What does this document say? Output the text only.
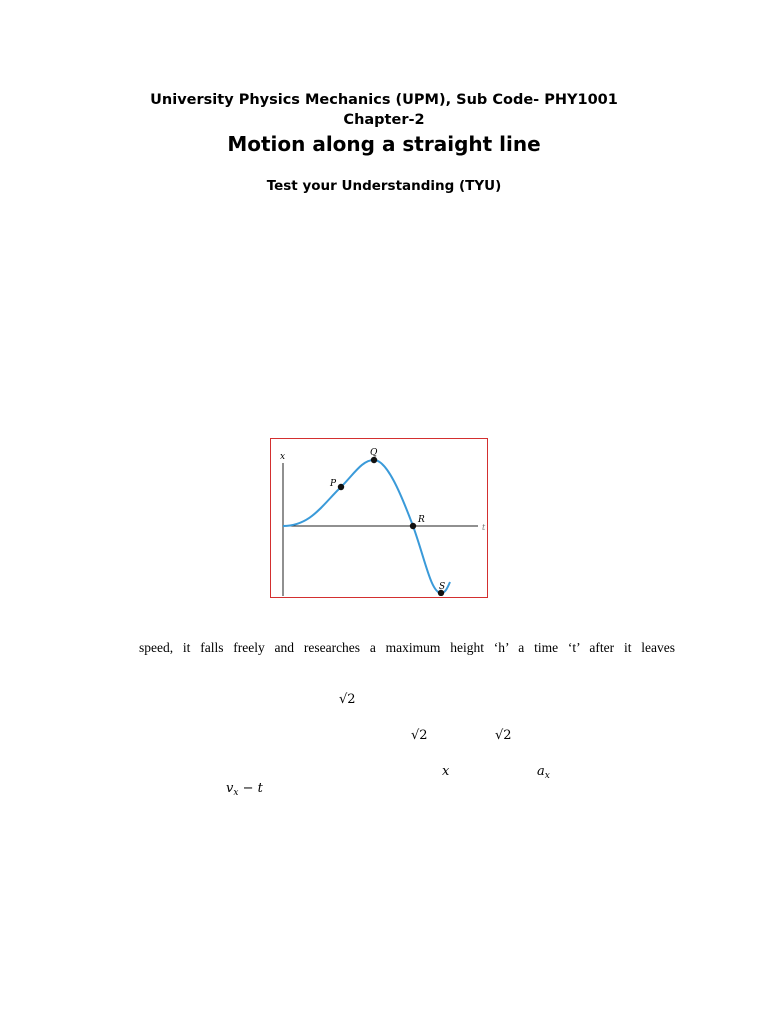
University Physics Mechanics (UPM), Sub Code- PHY1001
Chapter-2
Motion along a straight line
Test your Understanding (TYU)
x
t
P
Q
R
S
speed, it falls freely and researches a maximum height ‘h’ a time ‘t’ after it leaves
√2
√2	√2
x	$a_x$
$v_x - t$
